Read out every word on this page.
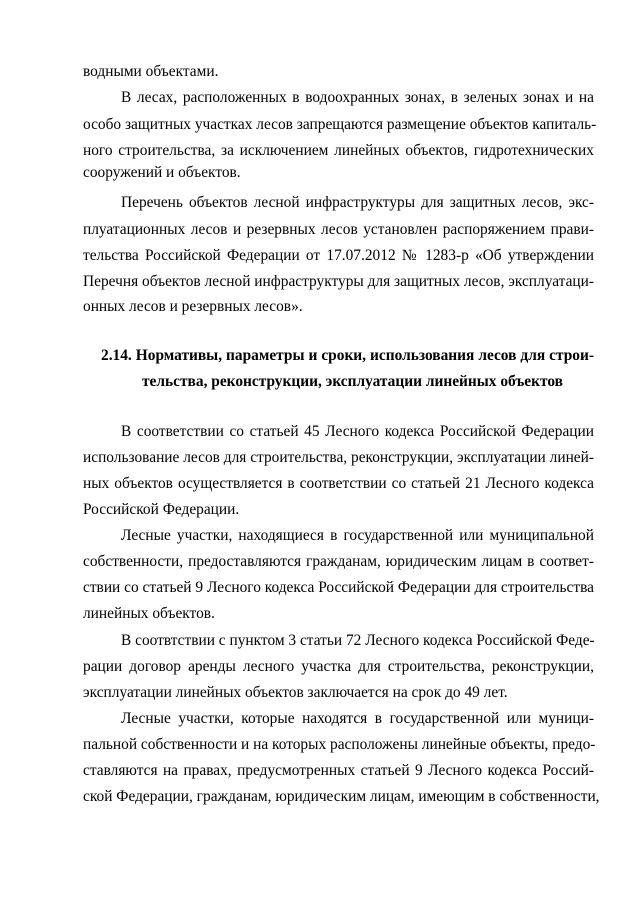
водными объектами.
В лесах, расположенных в водоохранных зонах, в зеленых зонах и на
особо защитных участках лесов запрещаются размещение объектов капиталь-
ного строительства, за исключением линейных объектов, гидротехнических
сооружений и объектов.
Перечень объектов лесной инфраструктуры для защитных лесов, экс-
плуатационных лесов и резервных лесов установлен распоряжением прави-
тельства Российской Федерации от 17.07.2012 № 1283-р «Об утверждении
Перечня объектов лесной инфраструктуры для защитных лесов, эксплуатаци-
онных лесов и резервных лесов».
2.14. Нормативы, параметры и сроки, использования лесов для строи-
тельства, реконструкции, эксплуатации линейных объектов
В соответствии со статьей 45 Лесного кодекса Российской Федерации
использование лесов для строительства, реконструкции, эксплуатации линей-
ных объектов осуществляется в соответствии со статьей 21 Лесного кодекса
Российской Федерации.
Лесные участки, находящиеся в государственной или муниципальной
собственности, предоставляются гражданам, юридическим лицам в соответ-
ствии со статьей 9 Лесного кодекса Российской Федерации для строительства
линейных объектов.
В соотвтствии с пунктом 3 статьи 72 Лесного кодекса Российской Феде-
рации договор аренды лесного участка для строительства, реконструкции,
эксплуатации линейных объектов заключается на срок до 49 лет.
Лесные участки, которые находятся в государственной или муници-
пальной собственности и на которых расположены линейные объекты, предо-
ставляются на правах, предусмотренных статьей 9 Лесного кодекса Россий-
ской Федерации, гражданам, юридическим лицам, имеющим в собственности,
